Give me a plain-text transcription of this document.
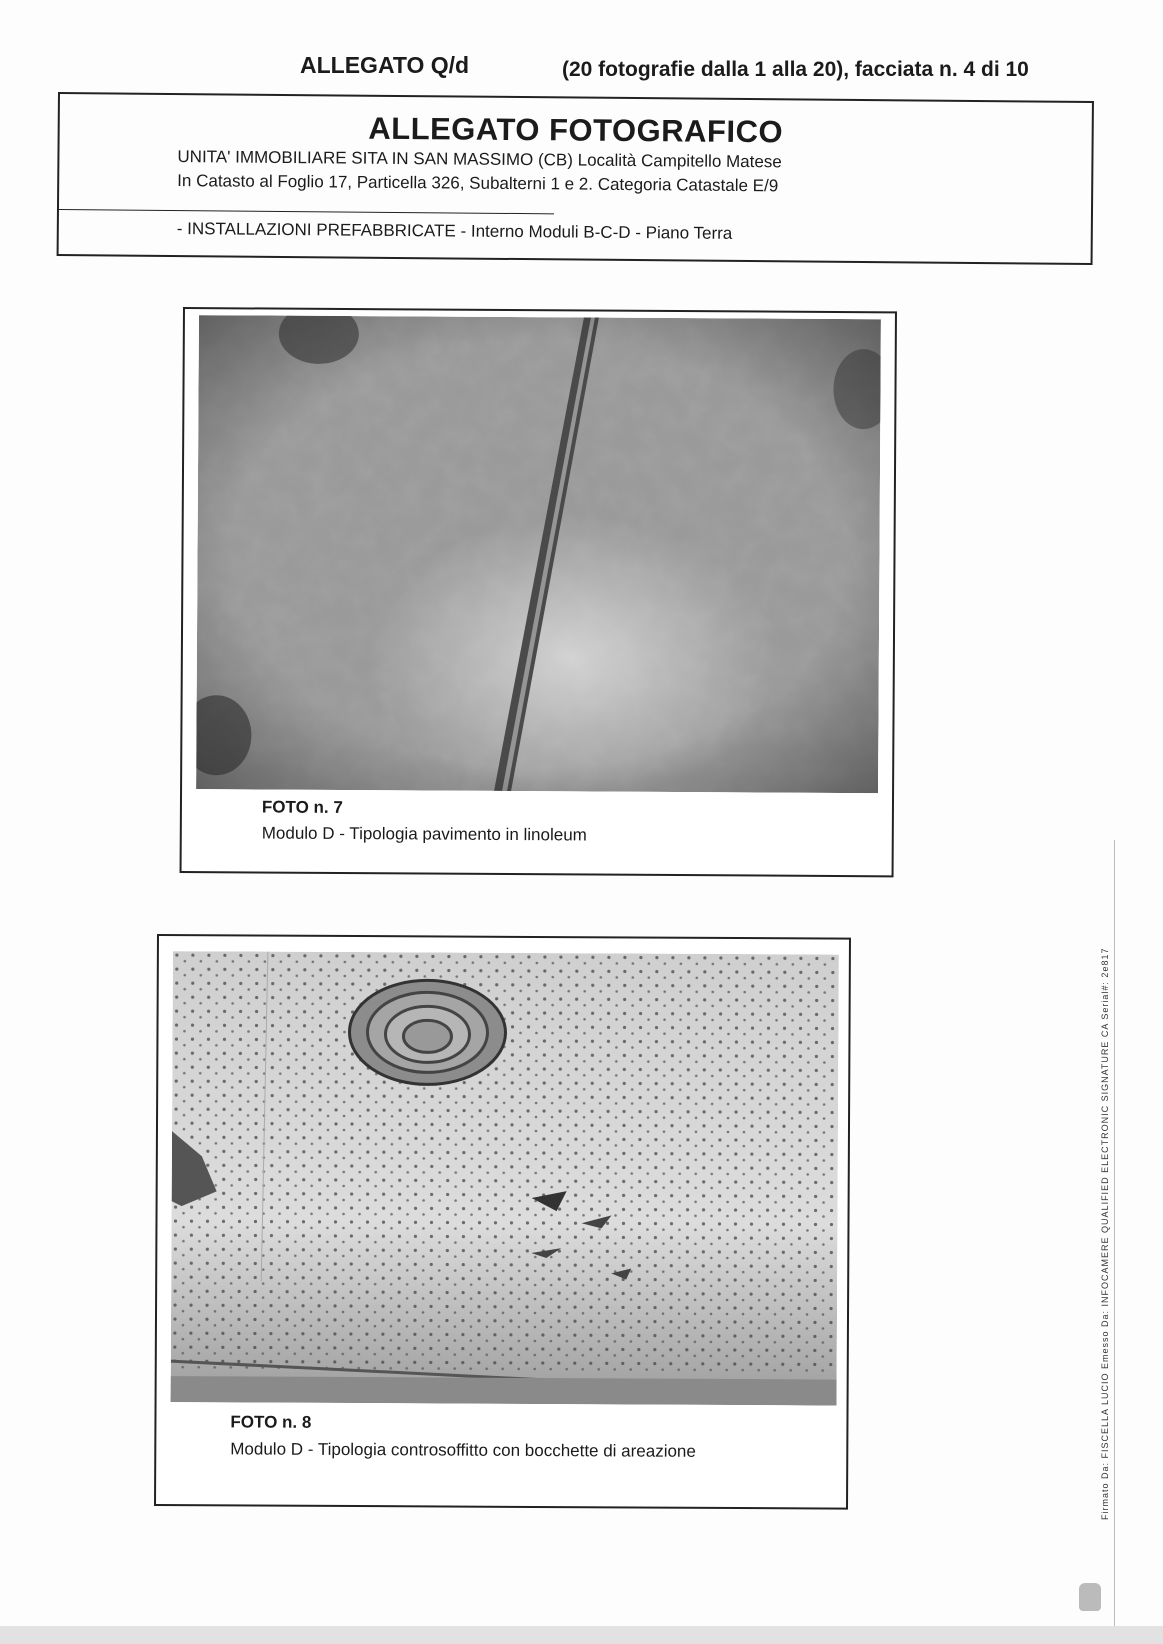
ALLEGATO Q/d	(20 fotografie dalla 1 alla 20), facciata n. 4 di 10
ALLEGATO FOTOGRAFICO
UNITA' IMMOBILIARE SITA IN SAN MASSIMO (CB) Località Campitello Matese
In Catasto al Foglio 17, Particella 326, Subalterni 1 e 2. Categoria Catastale E/9
- INSTALLAZIONI PREFABBRICATE - Interno Moduli B-C-D - Piano Terra
FOTO n. 7
Modulo D - Tipologia pavimento in linoleum
FOTO n. 8
Modulo D - Tipologia controsoffitto con bocchette di areazione	Firmato Da: FISCELLA LUCIO Emesso Da: INFOCAMERE QUALIFIED ELECTRONIC SIGNATURE CA Serial#: 2e817
